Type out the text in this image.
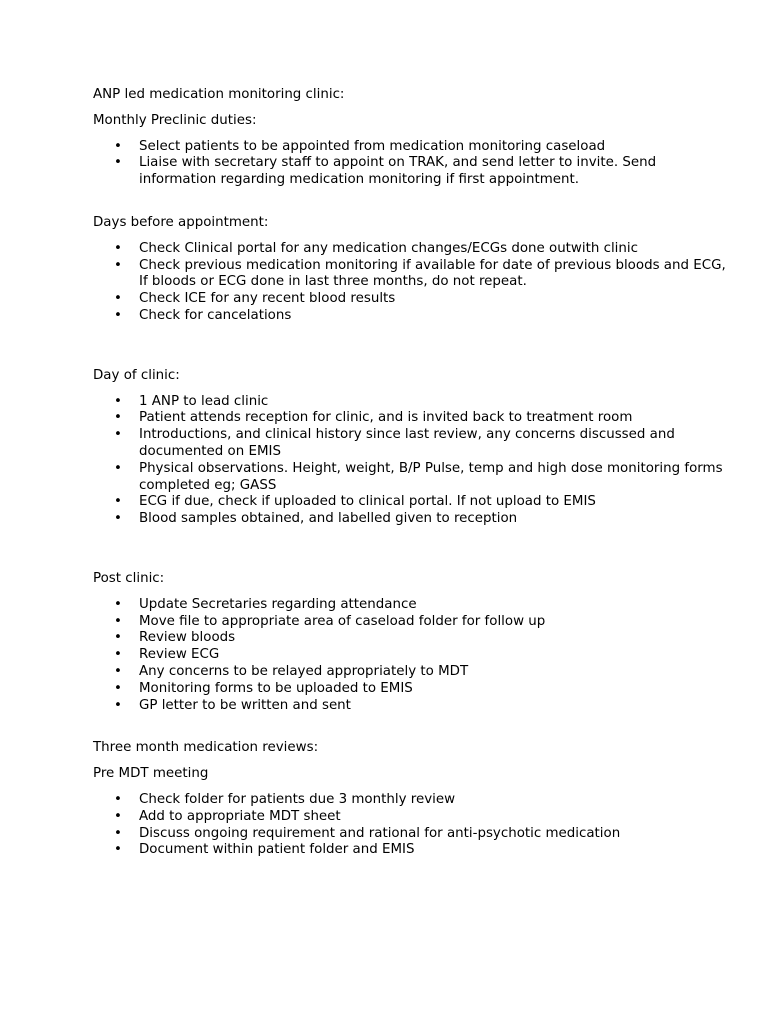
ANP led medication monitoring clinic:

Monthly Preclinic duties:

• Select patients to be appointed from medication monitoring caseload
• Liaise with secretary staff to appoint on TRAK, and send letter to invite. Send information regarding medication monitoring if first appointment.

Days before appointment:

• Check Clinical portal for any medication changes/ECGs done outwith clinic
• Check previous medication monitoring if available for date of previous bloods and ECG, If bloods or ECG done in last three months, do not repeat.
• Check ICE for any recent blood results
• Check for cancelations

Day of clinic:

• 1 ANP to lead clinic
• Patient attends reception for clinic, and is invited back to treatment room
• Introductions, and clinical history since last review, any concerns discussed and documented on EMIS
• Physical observations. Height, weight, B/P Pulse, temp and high dose monitoring forms completed eg; GASS
• ECG if due, check if uploaded to clinical portal. If not upload to EMIS
• Blood samples obtained, and labelled given to reception

Post clinic:

• Update Secretaries regarding attendance
• Move file to appropriate area of caseload folder for follow up
• Review bloods
• Review ECG
• Any concerns to be relayed appropriately to MDT
• Monitoring forms to be uploaded to EMIS
• GP letter to be written and sent

Three month medication reviews:

Pre MDT meeting

• Check folder for patients due 3 monthly review
• Add to appropriate MDT sheet
• Discuss ongoing requirement and rational for anti-psychotic medication
• Document within patient folder and EMIS
